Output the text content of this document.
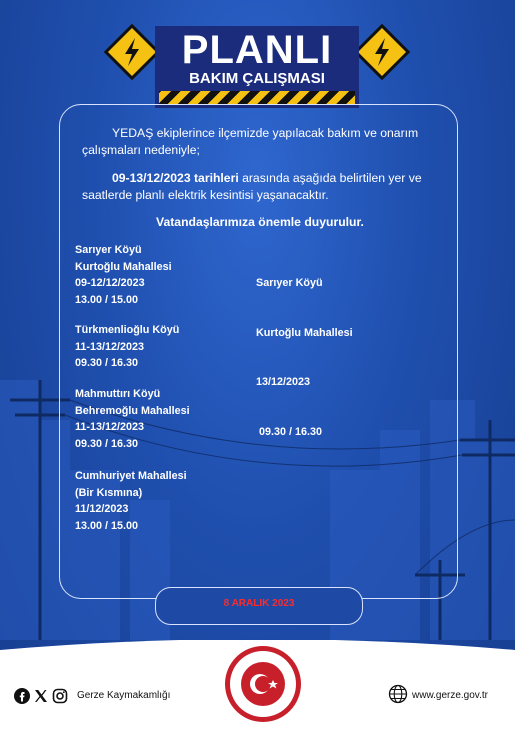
PLANLI
BAKIM ÇALIŞMASI
YEDAŞ ekiplerince ilçemizde yapılacak bakım ve onarım
çalışmaları nedeniyle;
09-13/12/2023 tarihleri arasında aşağıda belirtilen yer ve
saatlerde planlı elektrik kesintisi yaşanacaktır.
Vatandaşlarımıza önemle duyurulur.
Sarıyer Köyü
Kurtoğlu Mahallesi
09-12/12/2023
13.00 / 15.00

Sarıyer Köyü

Kurtoğlu Mahallesi

13/12/2023

09.30 / 16.30

Türkmenlioğlu Köyü
11-13/12/2023
09.30 / 16.30
Mahmuttırı Köyü
Behremoğlu Mahallesi
11-13/12/2023
09.30 / 16.30
Cumhuriyet Mahallesi
(Bir Kısmına)
11/12/2023
13.00 / 15.00
8 ARALIK 2023
Gerze Kaymakamlığı	www.gerze.gov.tr
